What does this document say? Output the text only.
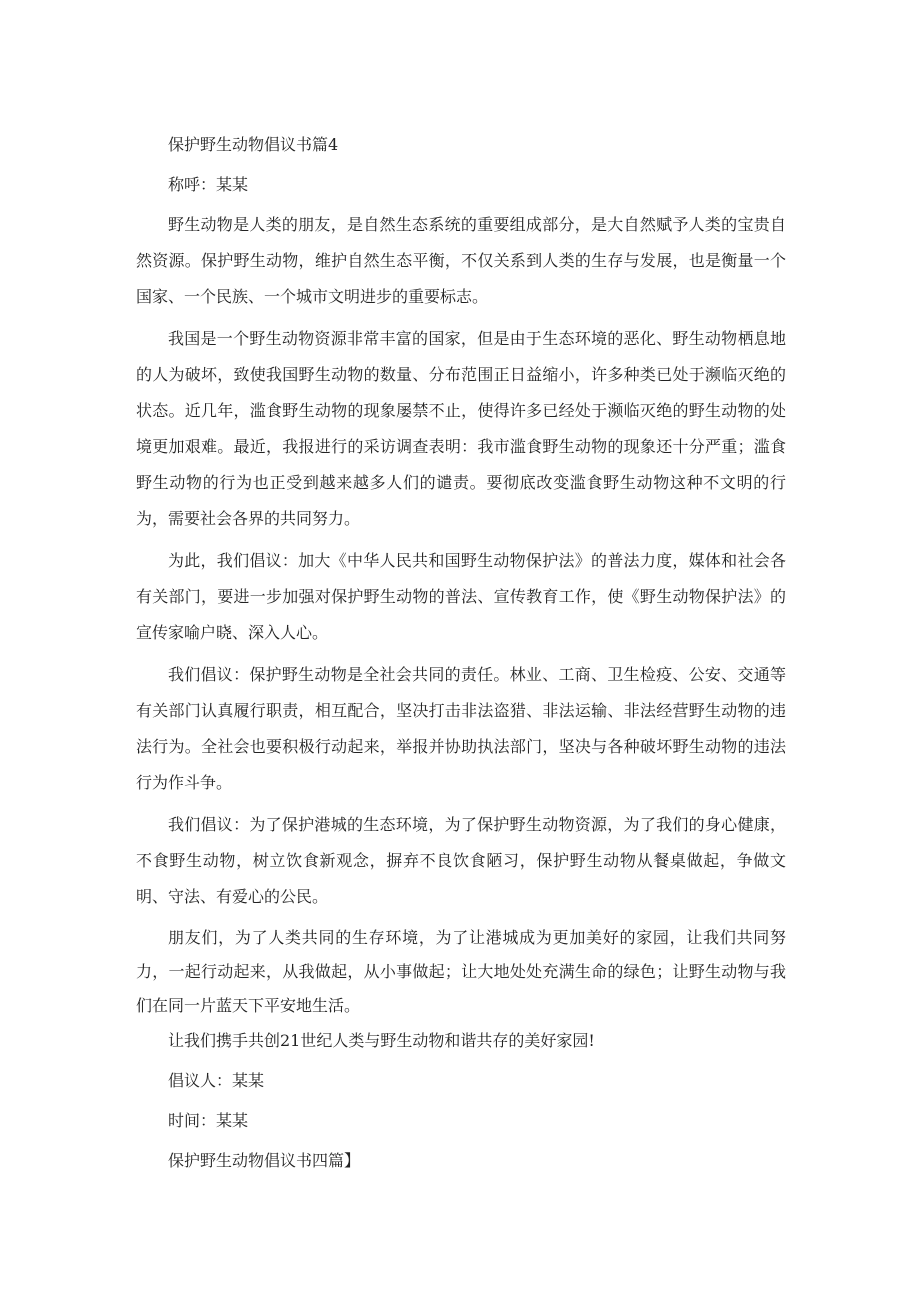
保护野生动物倡议书篇4

称呼：某某

野生动物是人类的朋友，是自然生态系统的重要组成部分，是大自然赋予人类的宝贵自然资源。保护野生动物，维护自然生态平衡，不仅关系到人类的生存与发展，也是衡量一个国家、一个民族、一个城市文明进步的重要标志。

我国是一个野生动物资源非常丰富的国家，但是由于生态环境的恶化、野生动物栖息地的人为破坏，致使我国野生动物的数量、分布范围正日益缩小，许多种类已处于濒临灭绝的状态。近几年，滥食野生动物的现象屡禁不止，使得许多已经处于濒临灭绝的野生动物的处境更加艰难。最近，我报进行的采访调查表明：我市滥食野生动物的现象还十分严重；滥食野生动物的行为也正受到越来越多人们的谴责。要彻底改变滥食野生动物这种不文明的行为，需要社会各界的共同努力。

为此，我们倡议：加大《中华人民共和国野生动物保护法》的普法力度，媒体和社会各有关部门，要进一步加强对保护野生动物的普法、宣传教育工作，使《野生动物保护法》的宣传家喻户晓、深入人心。

我们倡议：保护野生动物是全社会共同的责任。林业、工商、卫生检疫、公安、交通等有关部门认真履行职责，相互配合，坚决打击非法盗猎、非法运输、非法经营野生动物的违法行为。全社会也要积极行动起来，举报并协助执法部门，坚决与各种破坏野生动物的违法行为作斗争。

我们倡议：为了保护港城的生态环境，为了保护野生动物资源，为了我们的身心健康，不食野生动物，树立饮食新观念，摒弃不良饮食陋习，保护野生动物从餐桌做起，争做文明、守法、有爱心的公民。

朋友们，为了人类共同的生存环境，为了让港城成为更加美好的家园，让我们共同努力，一起行动起来，从我做起，从小事做起；让大地处处充满生命的绿色；让野生动物与我们在同一片蓝天下平安地生活。

让我们携手共创21世纪人类与野生动物和谐共存的美好家园!

倡议人：某某

时间：某某

保护野生动物倡议书四篇】
